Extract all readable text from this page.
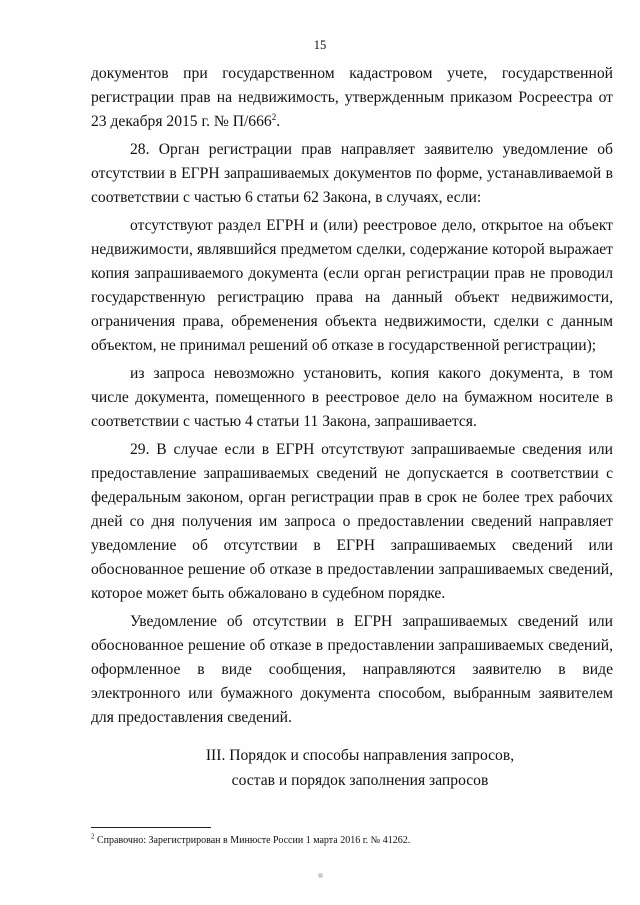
15

документов при государственном кадастровом учете, государственной регистрации прав на недвижимость, утвержденным приказом Росреестра от 23 декабря 2015 г. № $П/666^2$.

28. Орган регистрации прав направляет заявителю уведомление об отсутствии в ЕГРН запрашиваемых документов по форме, устанавливаемой в соответствии с частью 6 статьи 62 Закона, в случаях, если:

отсутствуют раздел ЕГРН и (или) реестровое дело, открытое на объект недвижимости, являвшийся предметом сделки, содержание которой выражает копия запрашиваемого документа (если орган регистрации прав не проводил государственную регистрацию права на данный объект недвижимости, ограничения права, обременения объекта недвижимости, сделки с данным объектом, не принимал решений об отказе в государственной регистрации);

из запроса невозможно установить, копия какого документа, в том числе документа, помещенного в реестровое дело на бумажном носителе в соответствии с частью 4 статьи 11 Закона, запрашивается.

29. В случае если в ЕГРН отсутствуют запрашиваемые сведения или предоставление запрашиваемых сведений не допускается в соответствии с федеральным законом, орган регистрации прав в срок не более трех рабочих дней со дня получения им запроса о предоставлении сведений направляет уведомление об отсутствии в ЕГРН запрашиваемых сведений или обоснованное решение об отказе в предоставлении запрашиваемых сведений, которое может быть обжаловано в судебном порядке.

Уведомление об отсутствии в ЕГРН запрашиваемых сведений или обоснованное решение об отказе в предоставлении запрашиваемых сведений, оформленное в виде сообщения, направляются заявителю в виде электронного или бумажного документа способом, выбранным заявителем для предоставления сведений.

III. Порядок и способы направления запросов,
состав и порядок заполнения запросов
$^2$ Справочно: Зарегистрирован в Минюсте России 1 марта 2016 г. № 41262.
